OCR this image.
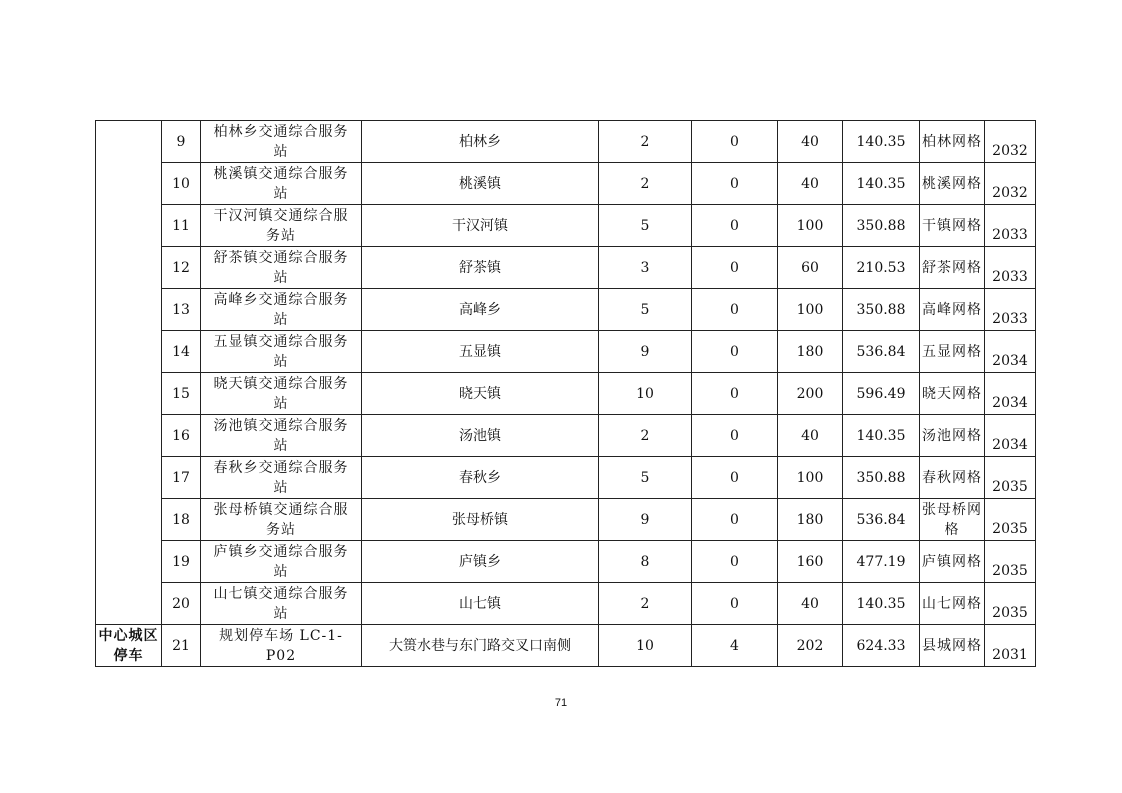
	9	柏林乡交通综合服务站	柏林乡	2	0	40	140.35	柏林网格	2032
	10	桃溪镇交通综合服务站	桃溪镇	2	0	40	140.35	桃溪网格	2032
	11	干汉河镇交通综合服务站	干汉河镇	5	0	100	350.88	干镇网格	2033
	12	舒茶镇交通综合服务站	舒茶镇	3	0	60	210.53	舒茶网格	2033
	13	高峰乡交通综合服务站	高峰乡	5	0	100	350.88	高峰网格	2033
	14	五显镇交通综合服务站	五显镇	9	0	180	536.84	五显网格	2034
	15	晓天镇交通综合服务站	晓天镇	10	0	200	596.49	晓天网格	2034
	16	汤池镇交通综合服务站	汤池镇	2	0	40	140.35	汤池网格	2034
	17	春秋乡交通综合服务站	春秋乡	5	0	100	350.88	春秋网格	2035
	18	张母桥镇交通综合服务站	张母桥镇	9	0	180	536.84	张母桥网格	2035
	19	庐镇乡交通综合服务站	庐镇乡	8	0	160	477.19	庐镇网格	2035
	20	山七镇交通综合服务站	山七镇	2	0	40	140.35	山七网格	2035
中心城区停车	21	规划停车场 LC-1-P02	大篑水巷与东门路交叉口南侧	10	4	202	624.33	县城网格	2031
71
